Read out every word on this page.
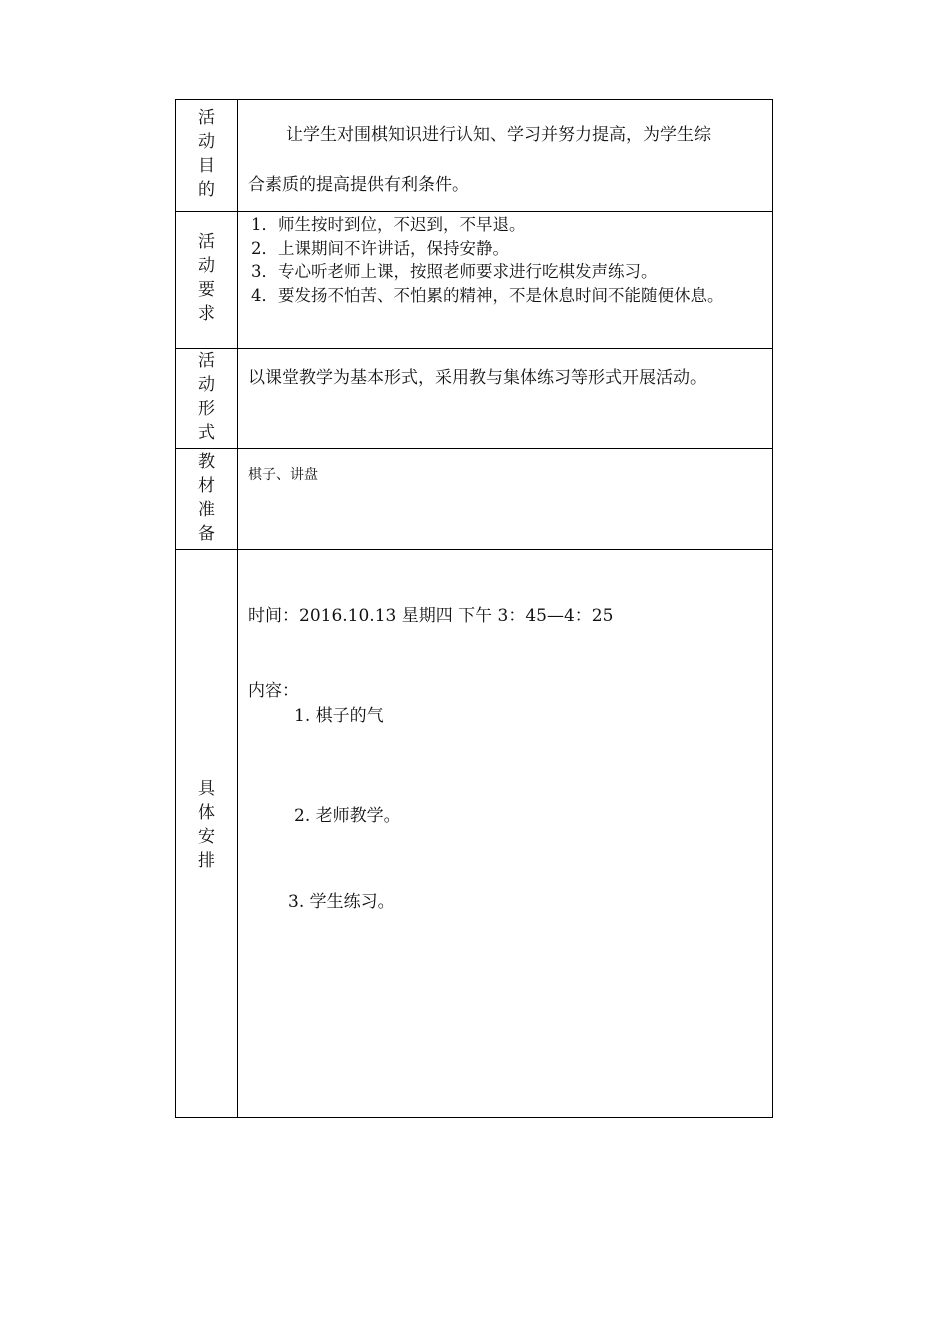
活
动
目
的

让学生对围棋知识进行认知、学习并努力提高，为学生综

合素质的提高提供有利条件。

活
动
要
求
1．师生按时到位，不迟到，不早退。
2．上课期间不许讲话，保持安静。
3．专心听老师上课，按照老师要求进行吃棋发声练习。
4．要发扬不怕苦、不怕累的精神，不是休息时间不能随便休息。
活
动
形
式
以课堂教学为基本形式，采用教与集体练习等形式开展活动。
教
材
准
备
棋子、讲盘
具
体
安
排
时间：2016.10.13 星期四 下午 3：45—4：25
内容：
1. 棋子的气
2. 老师教学。
3. 学生练习。
